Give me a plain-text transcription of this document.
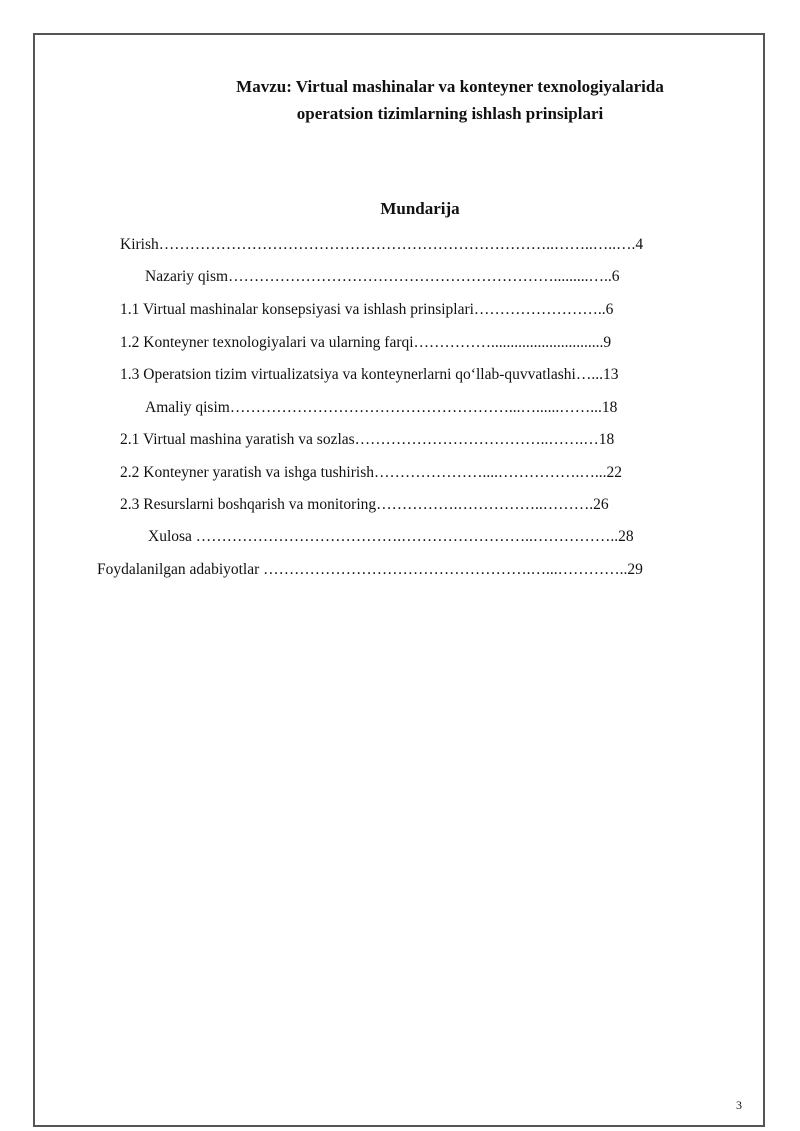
Mavzu: Virtual mashinalar va konteyner texnologiyalarida
operatsion tizimlarning ishlash prinsiplari
Mundarija
Kirish…………………………………………………………………..……..…..….4
Nazariy qism……………………………………………………….........…..6
1.1 Virtual mashinalar konsepsiyasi va ishlash prinsiplari……………………..6
1.2 Konteyner texnologiyalari va ularning farqi…………….............................9
1.3 Operatsion tizim virtualizatsiya va konteynerlarni qo‘llab-quvvatlashi…...13
Amaliy qisim………………………………………………...…......……...18
2.1 Virtual mashina yaratish va sozlas………………………………..…….…18
2.2 Konteyner yaratish va ishga tushirish…………………....…………….…...22
2.3 Resurslarni boshqarish va monitoring…………….……………..……….26
Xulosa ………………………………….……………………..……………..28
Foydalanilgan adabiyotlar …………………………………………….…...…………..29
3
